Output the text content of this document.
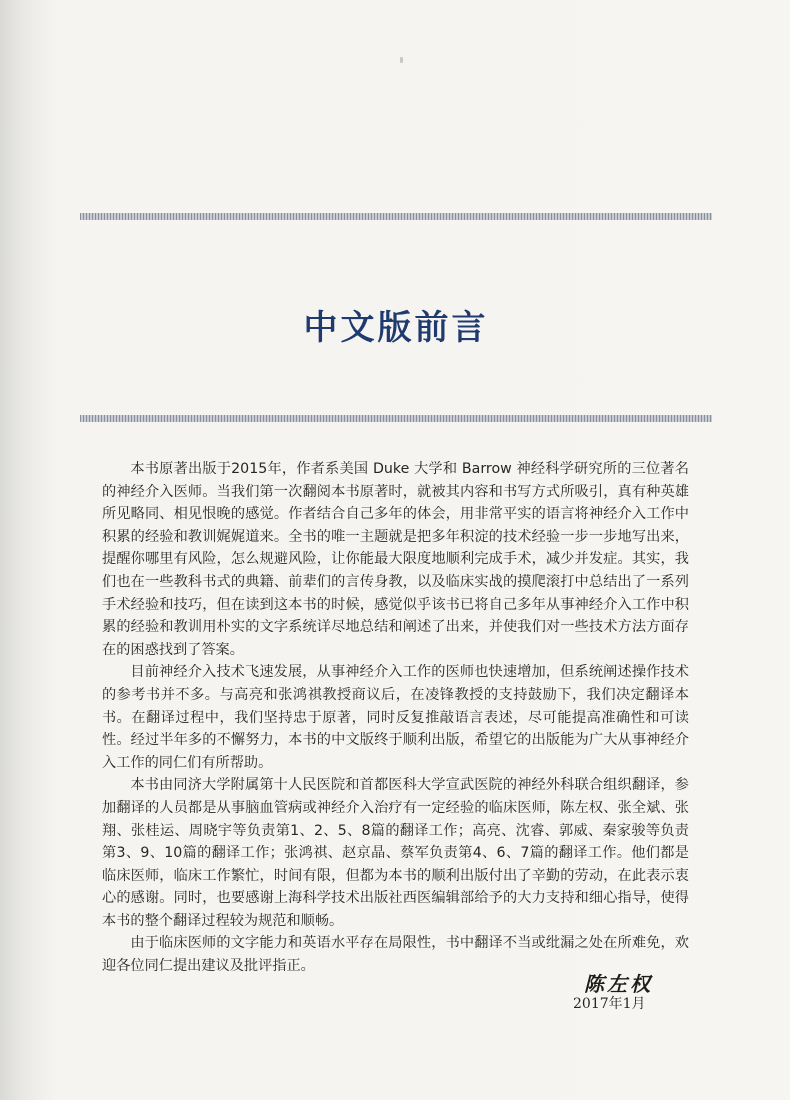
中文版前言

本书原著出版于2015年，作者系美国 Duke 大学和 Barrow 神经科学研究所的三位著名的神经介入医师。当我们第一次翻阅本书原著时，就被其内容和书写方式所吸引，真有种英雄所见略同、相见恨晚的感觉。作者结合自己多年的体会，用非常平实的语言将神经介入工作中积累的经验和教训娓娓道来。全书的唯一主题就是把多年积淀的技术经验一步一步地写出来，提醒你哪里有风险，怎么规避风险，让你能最大限度地顺利完成手术，减少并发症。其实，我们也在一些教科书式的典籍、前辈们的言传身教，以及临床实战的摸爬滚打中总结出了一系列手术经验和技巧，但在读到这本书的时候，感觉似乎该书已将自己多年从事神经介入工作中积累的经验和教训用朴实的文字系统详尽地总结和阐述了出来，并使我们对一些技术方法方面存在的困惑找到了答案。

目前神经介入技术飞速发展，从事神经介入工作的医师也快速增加，但系统阐述操作技术的参考书并不多。与高亮和张鸿祺教授商议后，在凌锋教授的支持鼓励下，我们决定翻译本书。在翻译过程中，我们坚持忠于原著，同时反复推敲语言表述，尽可能提高准确性和可读性。经过半年多的不懈努力，本书的中文版终于顺利出版，希望它的出版能为广大从事神经介入工作的同仁们有所帮助。

本书由同济大学附属第十人民医院和首都医科大学宣武医院的神经外科联合组织翻译，参加翻译的人员都是从事脑血管病或神经介入治疗有一定经验的临床医师，陈左权、张全斌、张翔、张桂运、周晓宇等负责第1、2、5、8篇的翻译工作；高亮、沈睿、郭威、秦家骏等负责第3、9、10篇的翻译工作；张鸿祺、赵京晶、蔡军负责第4、6、7篇的翻译工作。他们都是临床医师，临床工作繁忙，时间有限，但都为本书的顺利出版付出了辛勤的劳动，在此表示衷心的感谢。同时，也要感谢上海科学技术出版社西医编辑部给予的大力支持和细心指导，使得本书的整个翻译过程较为规范和顺畅。

由于临床医师的文字能力和英语水平存在局限性，书中翻译不当或纰漏之处在所难免，欢迎各位同仁提出建议及批评指正。

陈左权
2017年1月
